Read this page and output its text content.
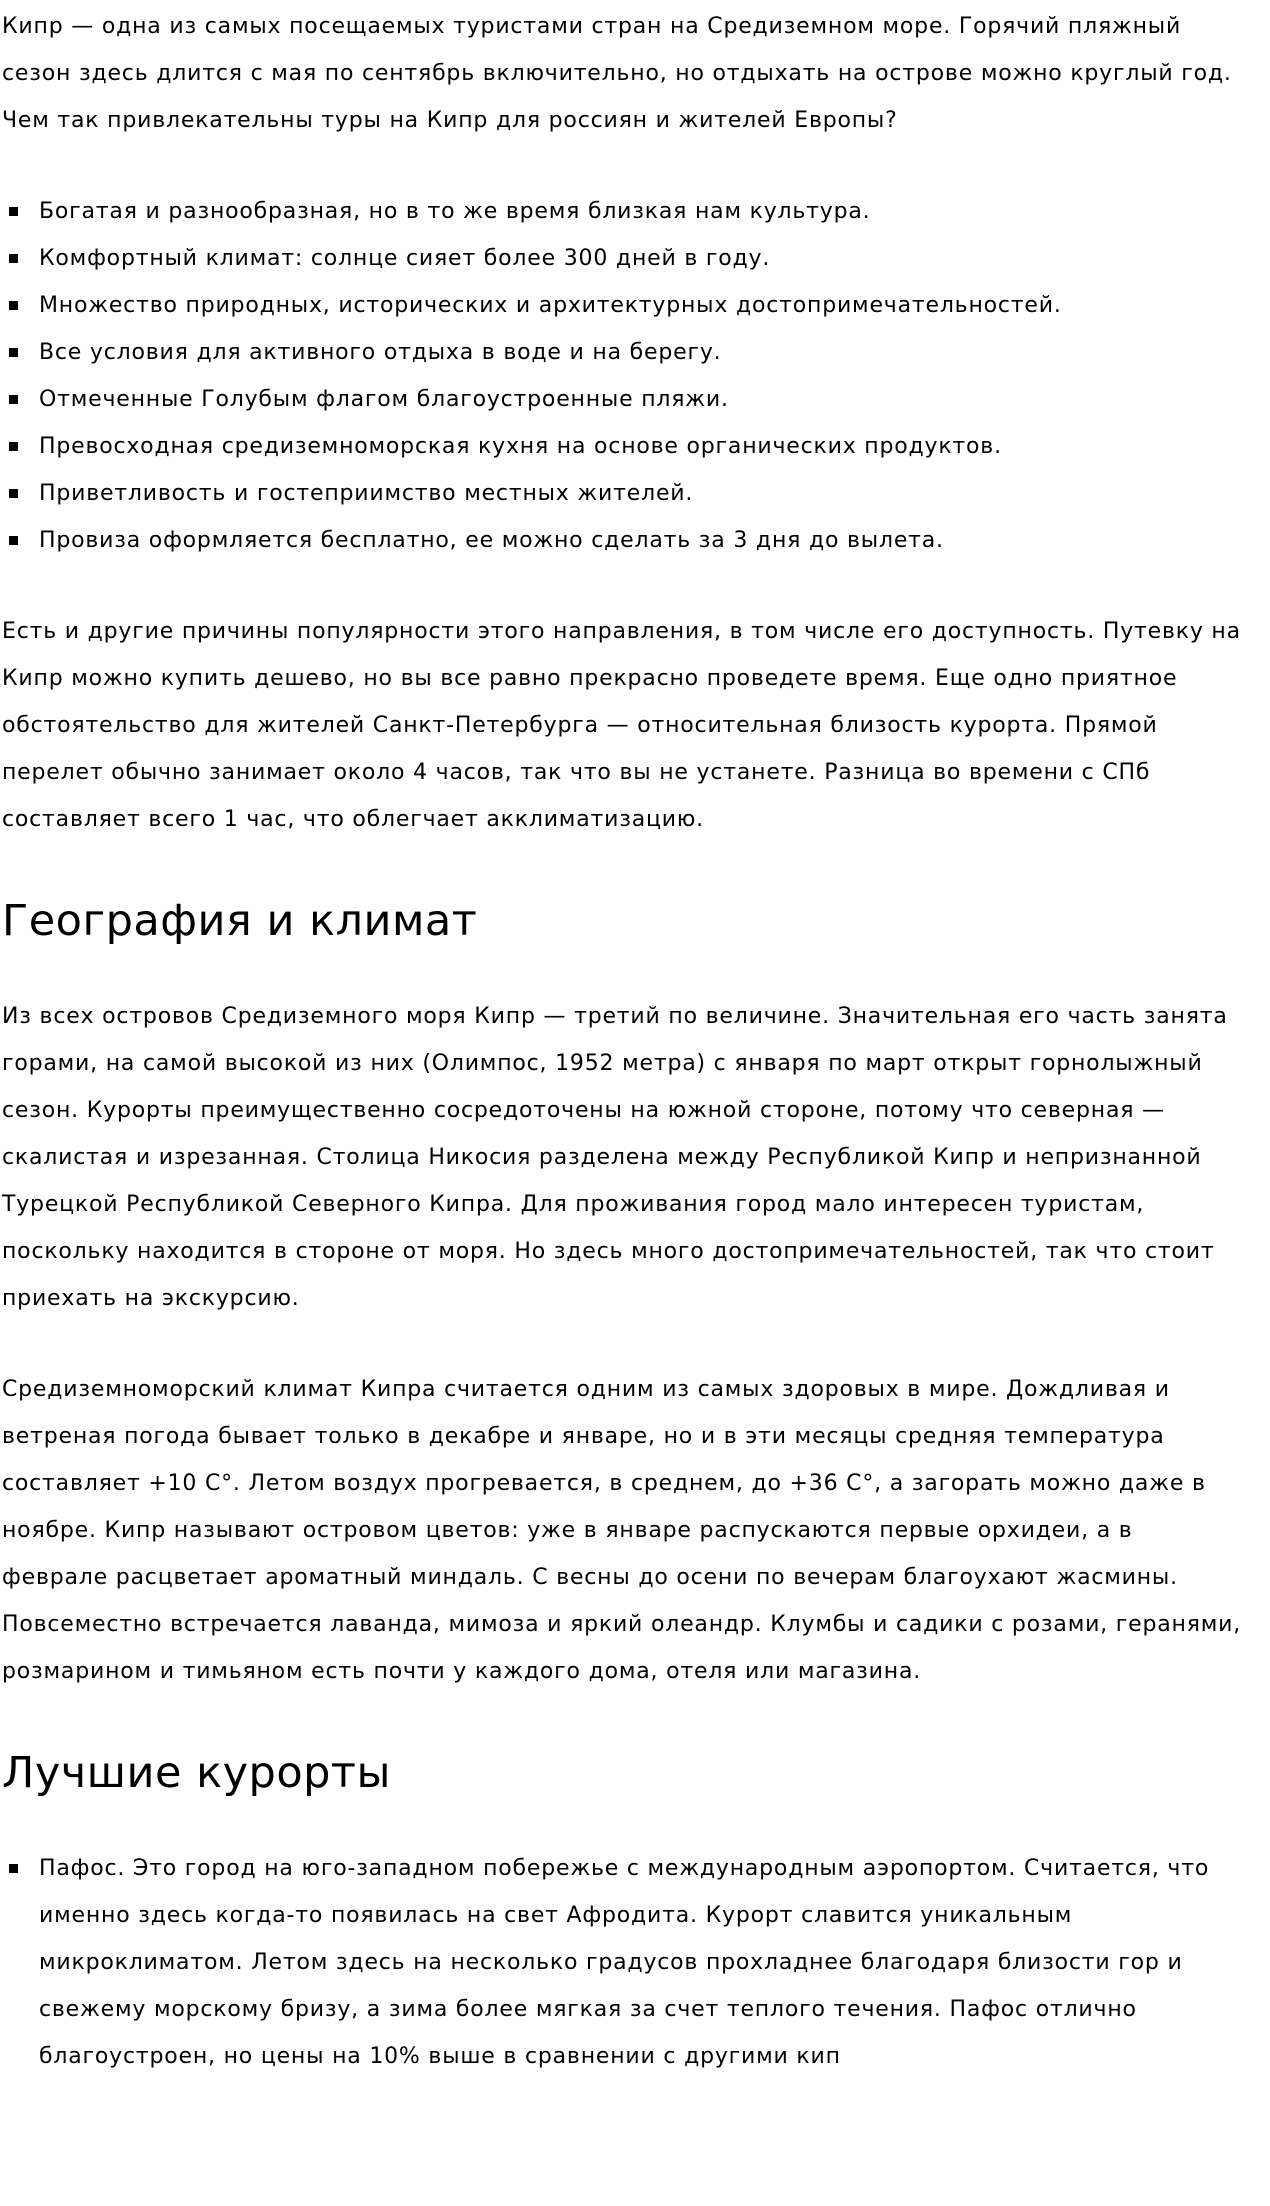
Кипр — одна из самых посещаемых туристами стран на Средиземном море. Горячий пляжный сезон здесь длится с мая по сентябрь включительно, но отдыхать на острове можно круглый год. Чем так привлекательны туры на Кипр для россиян и жителей Европы?

Богатая и разнообразная, но в то же время близкая нам культура.
Комфортный климат: солнце сияет более 300 дней в году.
Множество природных, исторических и архитектурных достопримечательностей.
Все условия для активного отдыха в воде и на берегу.
Отмеченные Голубым флагом благоустроенные пляжи.
Превосходная средиземноморская кухня на основе органических продуктов.
Приветливость и гостеприимство местных жителей.
Провиза оформляется бесплатно, ее можно сделать за 3 дня до вылета.

Есть и другие причины популярности этого направления, в том числе его доступность. Путевку на Кипр можно купить дешево, но вы все равно прекрасно проведете время. Еще одно приятное обстоятельство для жителей Санкт-Петербурга — относительная близость курорта. Прямой перелет обычно занимает около 4 часов, так что вы не устанете. Разница во времени с СПб составляет всего 1 час, что облегчает акклиматизацию.

География и климат

Из всех островов Средиземного моря Кипр — третий по величине. Значительная его часть занята горами, на самой высокой из них (Олимпос, 1952 метра) с января по март открыт горнолыжный сезон. Курорты преимущественно сосредоточены на южной стороне, потому что северная — скалистая и изрезанная. Столица Никосия разделена между Республикой Кипр и непризнанной Турецкой Республикой Северного Кипра. Для проживания город мало интересен туристам, поскольку находится в стороне от моря. Но здесь много достопримечательностей, так что стоит приехать на экскурсию.

Средиземноморский климат Кипра считается одним из самых здоровых в мире. Дождливая и ветреная погода бывает только в декабре и январе, но и в эти месяцы средняя температура составляет +10 С°. Летом воздух прогревается, в среднем, до +36 С°, а загорать можно даже в ноябре. Кипр называют островом цветов: уже в январе распускаются первые орхидеи, а в феврале расцветает ароматный миндаль. С весны до осени по вечерам благоухают жасмины. Повсеместно встречается лаванда, мимоза и яркий олеандр. Клумбы и садики с розами, геранями, розмарином и тимьяном есть почти у каждого дома, отеля или магазина.

Лучшие курорты
Пафос. Это город на юго-западном побережье с международным аэропортом. Считается, что именно здесь когда-то появилась на свет Афродита. Курорт славится уникальным микроклиматом. Летом здесь на несколько градусов прохладнее благодаря близости гор и свежему морскому бризу, а зима более мягкая за счет теплого течения. Пафос отлично благоустроен, но цены на 10% выше в сравнении с другими кип
